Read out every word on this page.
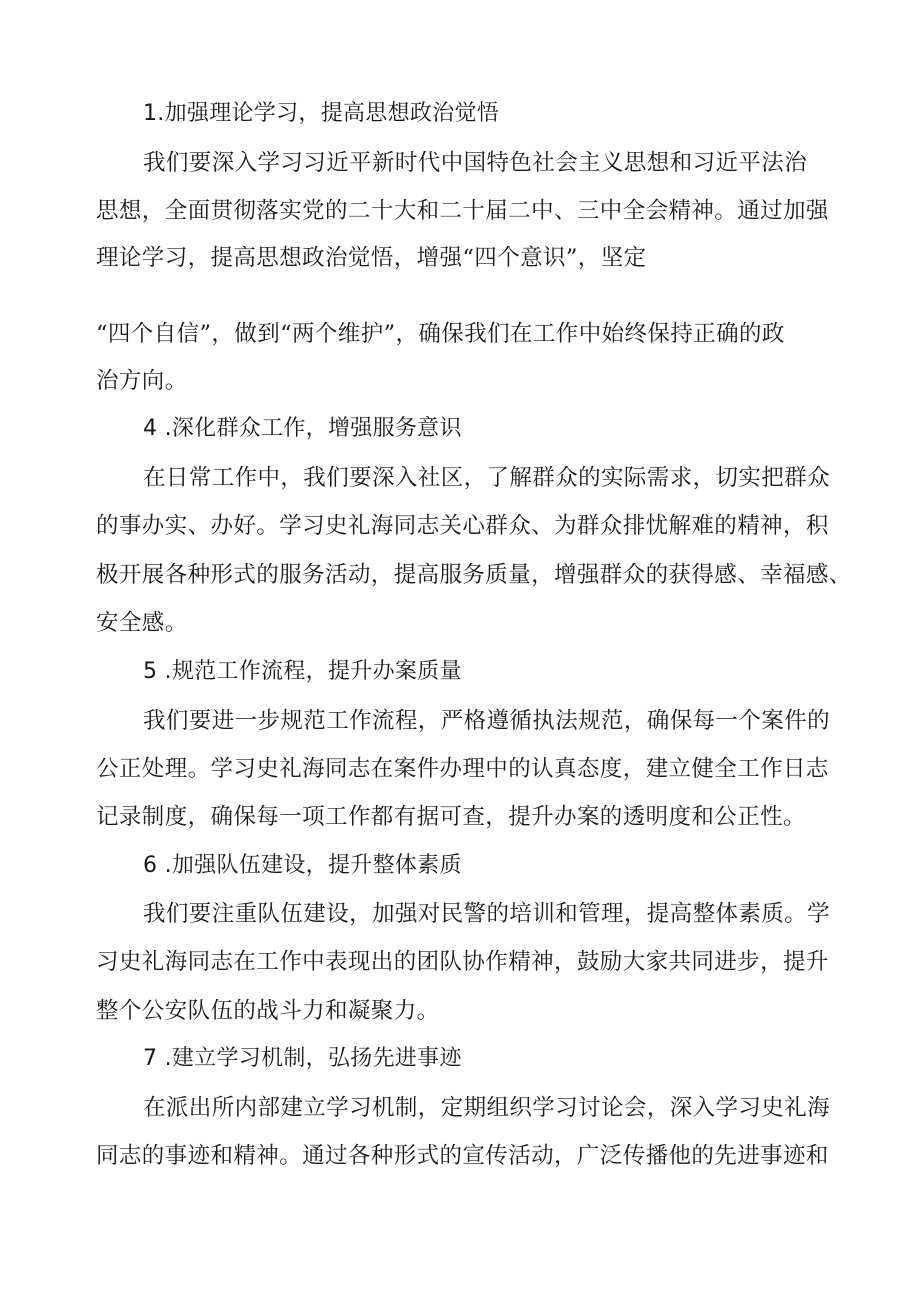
1.加强理论学习，提高思想政治觉悟
我们要深入学习习近平新时代中国特色社会主义思想和习近平法治
思想，全面贯彻落实党的二十大和二十届二中、三中全会精神。通过加强
理论学习，提高思想政治觉悟，增强“四个意识”，坚定
“四个自信”，做到“两个维护”，确保我们在工作中始终保持正确的政
治方向。
4 .深化群众工作，增强服务意识
在日常工作中，我们要深入社区，了解群众的实际需求，切实把群众
的事办实、办好。学习史礼海同志关心群众、为群众排忧解难的精神，积
极开展各种形式的服务活动，提高服务质量，增强群众的获得感、幸福感、
安全感。
5 .规范工作流程，提升办案质量
我们要进一步规范工作流程，严格遵循执法规范，确保每一个案件的
公正处理。学习史礼海同志在案件办理中的认真态度，建立健全工作日志
记录制度，确保每一项工作都有据可查，提升办案的透明度和公正性。
6 .加强队伍建设，提升整体素质
我们要注重队伍建设，加强对民警的培训和管理，提高整体素质。学
习史礼海同志在工作中表现出的团队协作精神，鼓励大家共同进步，提升
整个公安队伍的战斗力和凝聚力。
7 .建立学习机制，弘扬先进事迹
在派出所内部建立学习机制，定期组织学习讨论会，深入学习史礼海
同志的事迹和精神。通过各种形式的宣传活动，广泛传播他的先进事迹和
